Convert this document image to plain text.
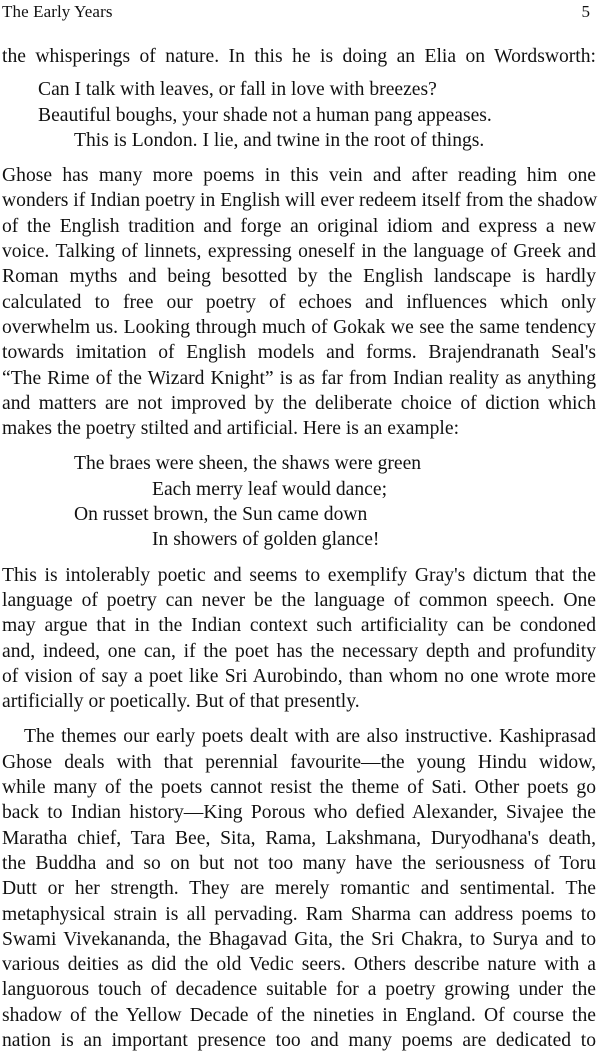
The Early Years	5
the whisperings of nature. In this he is doing an Elia on Wordsworth:
Can I talk with leaves, or fall in love with breezes?
Beautiful boughs, your shade not a human pang appeases.
This is London. I lie, and twine in the root of things.
Ghose has many more poems in this vein and after reading him one
wonders if Indian poetry in English will ever redeem itself from the shadow
of the English tradition and forge an original idiom and express a new
voice. Talking of linnets, expressing oneself in the language of Greek and
Roman myths and being besotted by the English landscape is hardly
calculated to free our poetry of echoes and influences which only
overwhelm us. Looking through much of Gokak we see the same tendency
towards imitation of English models and forms. Brajendranath Seal's
“The Rime of the Wizard Knight” is as far from Indian reality as anything
and matters are not improved by the deliberate choice of diction which
makes the poetry stilted and artificial. Here is an example:
The braes were sheen, the shaws were green
Each merry leaf would dance;
On russet brown, the Sun came down
In showers of golden glance!
This is intolerably poetic and seems to exemplify Gray's dictum that the
language of poetry can never be the language of common speech. One
may argue that in the Indian context such artificiality can be condoned
and, indeed, one can, if the poet has the necessary depth and profundity
of vision of say a poet like Sri Aurobindo, than whom no one wrote more
artificially or poetically. But of that presently.
The themes our early poets dealt with are also instructive. Kashiprasad
Ghose deals with that perennial favourite—the young Hindu widow,
while many of the poets cannot resist the theme of Sati. Other poets go
back to Indian history—King Porous who defied Alexander, Sivajee the
Maratha chief, Tara Bee, Sita, Rama, Lakshmana, Duryodhana's death,
the Buddha and so on but not too many have the seriousness of Toru
Dutt or her strength. They are merely romantic and sentimental. The
metaphysical strain is all pervading. Ram Sharma can address poems to
Swami Vivekananda, the Bhagavad Gita, the Sri Chakra, to Surya and to
various deities as did the old Vedic seers. Others describe nature with a
languorous touch of decadence suitable for a poetry growing under the
shadow of the Yellow Decade of the nineties in England. Of course the
nation is an important presence too and many poems are dedicated to
